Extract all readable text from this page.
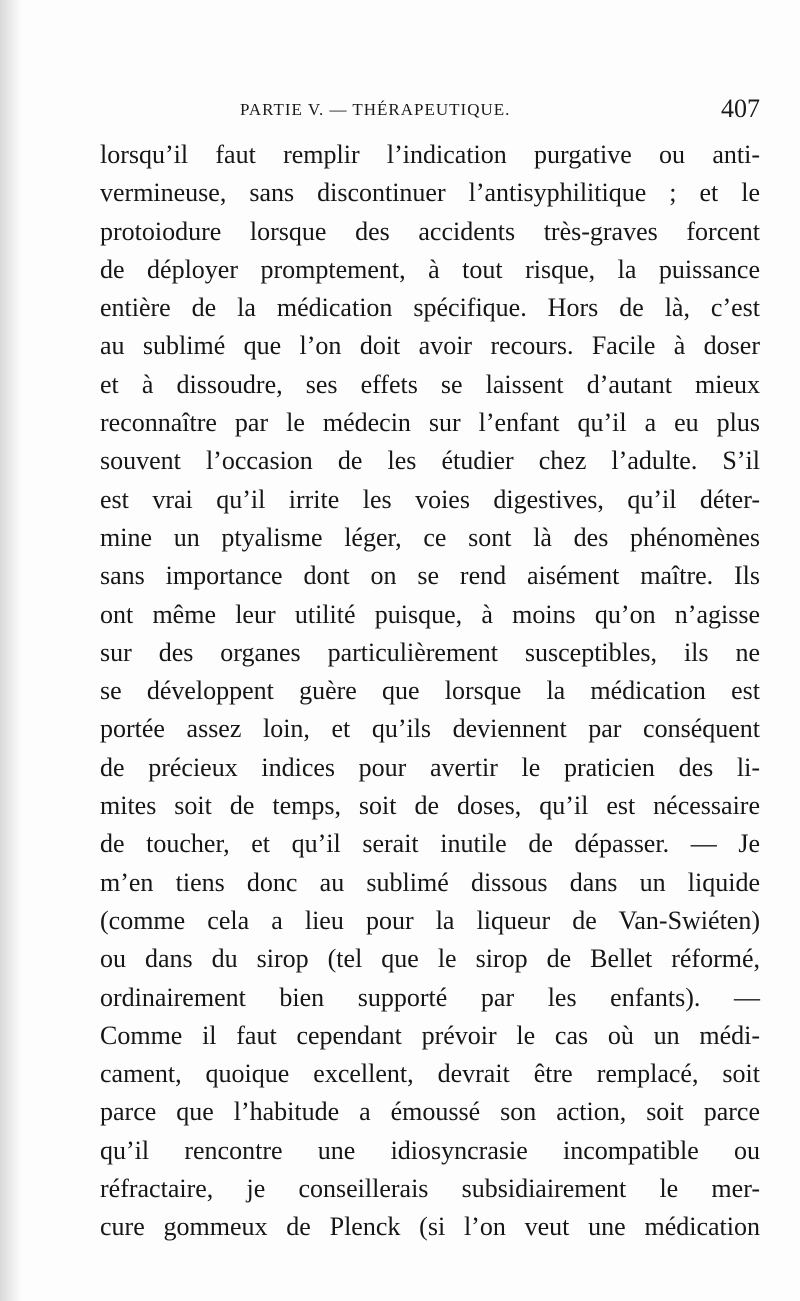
PARTIE V. — THÉRAPEUTIQUE.	407
lorsqu’il faut remplir l’indication purgative ou anti-
vermineuse, sans discontinuer l’antisyphilitique ; et le
protoiodure lorsque des accidents très-graves forcent
de déployer promptement, à tout risque, la puissance
entière de la médication spécifique. Hors de là, c’est
au sublimé que l’on doit avoir recours. Facile à doser
et à dissoudre, ses effets se laissent d’autant mieux
reconnaître par le médecin sur l’enfant qu’il a eu plus
souvent l’occasion de les étudier chez l’adulte. S’il
est vrai qu’il irrite les voies digestives, qu’il déter-
mine un ptyalisme léger, ce sont là des phénomènes
sans importance dont on se rend aisément maître. Ils
ont même leur utilité puisque, à moins qu’on n’agisse
sur des organes particulièrement susceptibles, ils ne
se développent guère que lorsque la médication est
portée assez loin, et qu’ils deviennent par conséquent
de précieux indices pour avertir le praticien des li-
mites soit de temps, soit de doses, qu’il est nécessaire
de toucher, et qu’il serait inutile de dépasser. — Je
m’en tiens donc au sublimé dissous dans un liquide
(comme cela a lieu pour la liqueur de Van-Swiéten)
ou dans du sirop (tel que le sirop de Bellet réformé,
ordinairement bien supporté par les enfants). —
Comme il faut cependant prévoir le cas où un médi-
cament, quoique excellent, devrait être remplacé, soit
parce que l’habitude a émoussé son action, soit parce
qu’il rencontre une idiosyncrasie incompatible ou
réfractaire, je conseillerais subsidiairement le mer-
cure gommeux de Plenck (si l’on veut une médication
